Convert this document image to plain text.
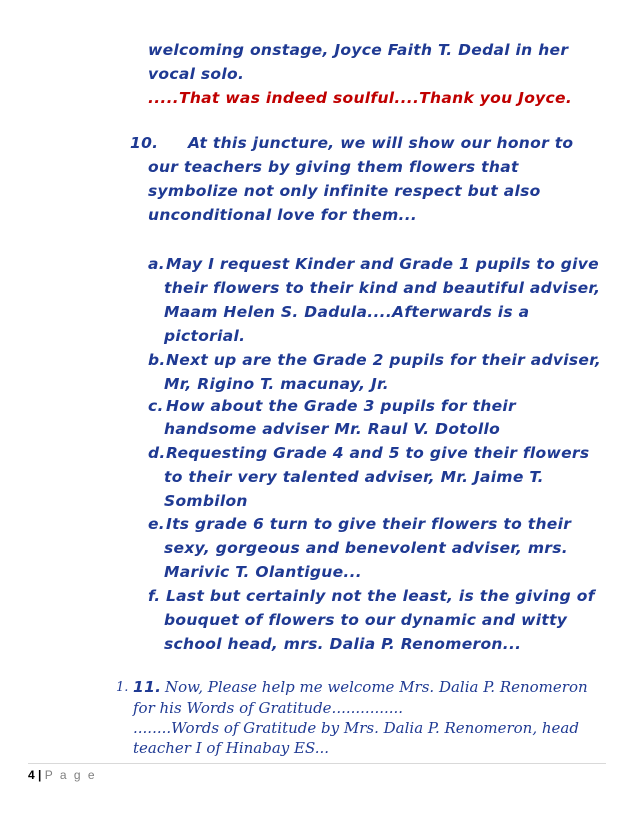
welcoming onstage, Joyce Faith T. Dedal in her
vocal solo.
.....That was indeed soulful....Thank you Joyce.
10. At this juncture, we will show our honor to
our teachers by giving them flowers that
symbolize not only infinite respect but also
unconditional love for them...
a. May I request Kinder and Grade 1 pupils to give
their flowers to their kind and beautiful adviser,
Maam Helen S. Dadula....Afterwards is a
pictorial.
b. Next up are the Grade 2 pupils for their adviser,
Mr, Rigino T. macunay, Jr.
c. How about the Grade 3 pupils for their
handsome adviser Mr. Raul V. Dotollo
d. Requesting Grade 4 and 5 to give their flowers
to their very talented adviser, Mr. Jaime T.
Sombilon
e. Its grade 6 turn to give their flowers to their
sexy, gorgeous and benevolent adviser, mrs.
Marivic T. Olantigue...
f. Last but certainly not the least, is the giving of
bouquet of flowers to our dynamic and witty
school head, mrs. Dalia P. Renomeron...
1. 11. Now, Please help me welcome Mrs. Dalia P. Renomeron
for his Words of Gratitude...............
........Words of Gratitude by Mrs. Dalia P. Renomeron, head
teacher I of Hinabay ES...
4 | P a g e
